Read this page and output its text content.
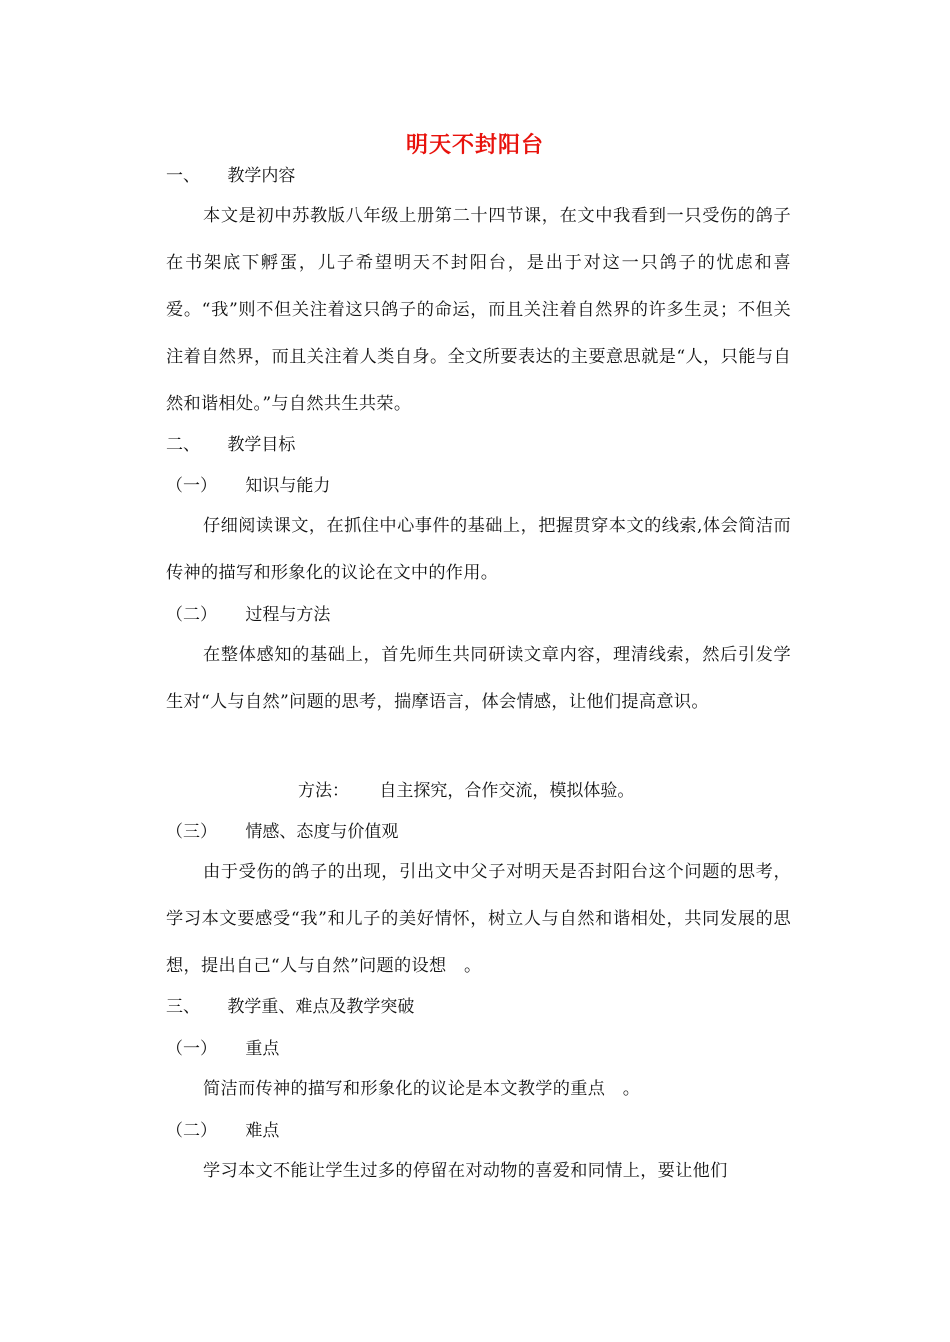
明天不封阳台
一、 教学内容
本文是初中苏教版八年级上册第二十四节课，在文中我看到一只受伤的鸽子在书架底下孵蛋，儿子希望明天不封阳台，是出于对这一只鸽子的忧虑和喜爱。“我”则不但关注着这只鸽子的命运，而且关注着自然界的许多生灵；不但关注着自然界，而且关注着人类自身。全文所要表达的主要意思就是“人，只能与自然和谐相处。”与自然共生共荣。
二、 教学目标
（一） 知识与能力
仔细阅读课文，在抓住中心事件的基础上，把握贯穿本文的线索,体会简洁而传神的描写和形象化的议论在文中的作用。
（二） 过程与方法
在整体感知的基础上，首先师生共同研读文章内容，理清线索，然后引发学生对“人与自然”问题的思考，揣摩语言，体会情感，让他们提高意识。
方法： 自主探究，合作交流，模拟体验。
（三） 情感、态度与价值观
由于受伤的鸽子的出现，引出文中父子对明天是否封阳台这个问题的思考，学习本文要感受“我”和儿子的美好情怀，树立人与自然和谐相处，共同发展的思想，提出自己“人与自然”问题的设想　。
三、 教学重、难点及教学突破
（一） 重点
简洁而传神的描写和形象化的议论是本文教学的重点　。
（二） 难点
学习本文不能让学生过多的停留在对动物的喜爱和同情上，要让他们
